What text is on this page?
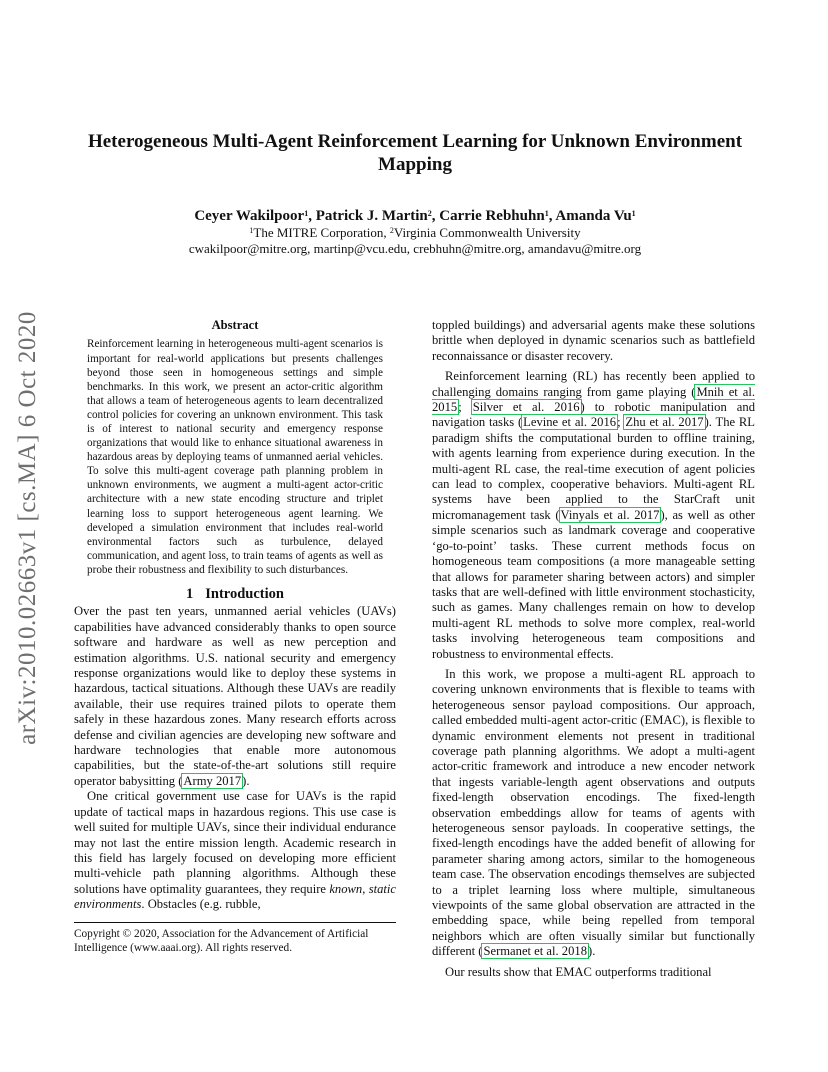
arXiv:2010.02663v1 [cs.MA] 6 Oct 2020
Heterogeneous Multi-Agent Reinforcement Learning for Unknown Environment Mapping
Ceyer Wakilpoor$^1$, Patrick J. Martin$^2$, Carrie Rebhuhn$^1$, Amanda Vu$^1$
$^1$The MITRE Corporation, $^2$Virginia Commonwealth University
cwakilpoor@mitre.org, martinp@vcu.edu, crebhuhn@mitre.org, amandavu@mitre.org
Abstract
Reinforcement learning in heterogeneous multi-agent scenarios is important for real-world applications but presents challenges beyond those seen in homogeneous settings and simple benchmarks. In this work, we present an actor-critic algorithm that allows a team of heterogeneous agents to learn decentralized control policies for covering an unknown environment. This task is of interest to national security and emergency response organizations that would like to enhance situational awareness in hazardous areas by deploying teams of unmanned aerial vehicles. To solve this multi-agent coverage path planning problem in unknown environments, we augment a multi-agent actor-critic architecture with a new state encoding structure and triplet learning loss to support heterogeneous agent learning. We developed a simulation environment that includes real-world environmental factors such as turbulence, delayed communication, and agent loss, to train teams of agents as well as probe their robustness and flexibility to such disturbances.
1 Introduction

Over the past ten years, unmanned aerial vehicles (UAVs) capabilities have advanced considerably thanks to open source software and hardware as well as new perception and estimation algorithms. U.S. national security and emergency response organizations would like to deploy these systems in hazardous, tactical situations. Although these UAVs are readily available, their use requires trained pilots to operate them safely in these hazardous zones. Many research efforts across defense and civilian agencies are developing new software and hardware technologies that enable more autonomous capabilities, but the state-of-the-art solutions still require operator babysitting (Army 2017).

One critical government use case for UAVs is the rapid update of tactical maps in hazardous regions. This use case is well suited for multiple UAVs, since their individual endurance may not last the entire mission length. Academic research in this field has largely focused on developing more efficient multi-vehicle path planning algorithms. Although these solutions have optimality guarantees, they require known, static environments. Obstacles (e.g. rubble,

Copyright © 2020, Association for the Advancement of Artificial Intelligence (www.aaai.org). All rights reserved.

toppled buildings) and adversarial agents make these solutions brittle when deployed in dynamic scenarios such as battlefield reconnaissance or disaster recovery.

Reinforcement learning (RL) has recently been applied to challenging domains ranging from game playing (Mnih et al. 2015; Silver et al. 2016) to robotic manipulation and navigation tasks (Levine et al. 2016; Zhu et al. 2017). The RL paradigm shifts the computational burden to offline training, with agents learning from experience during execution. In the multi-agent RL case, the real-time execution of agent policies can lead to complex, cooperative behaviors. Multi-agent RL systems have been applied to the StarCraft unit micromanagement task (Vinyals et al. 2017), as well as other simple scenarios such as landmark coverage and cooperative ‘go-to-point’ tasks. These current methods focus on homogeneous team compositions (a more manageable setting that allows for parameter sharing between actors) and simpler tasks that are well-defined with little environment stochasticity, such as games. Many challenges remain on how to develop multi-agent RL methods to solve more complex, real-world tasks involving heterogeneous team compositions and robustness to environmental effects.

In this work, we propose a multi-agent RL approach to covering unknown environments that is flexible to teams with heterogeneous sensor payload compositions. Our approach, called embedded multi-agent actor-critic (EMAC), is flexible to dynamic environment elements not present in traditional coverage path planning algorithms. We adopt a multi-agent actor-critic framework and introduce a new encoder network that ingests variable-length agent observations and outputs fixed-length observation encodings. The fixed-length observation embeddings allow for teams of agents with heterogeneous sensor payloads. In cooperative settings, the fixed-length encodings have the added benefit of allowing for parameter sharing among actors, similar to the homogeneous team case. The observation encodings themselves are subjected to a triplet learning loss where multiple, simultaneous viewpoints of the same global observation are attracted in the embedding space, while being repelled from temporal neighbors which are often visually similar but functionally different (Sermanet et al. 2018).

Our results show that EMAC outperforms traditional
